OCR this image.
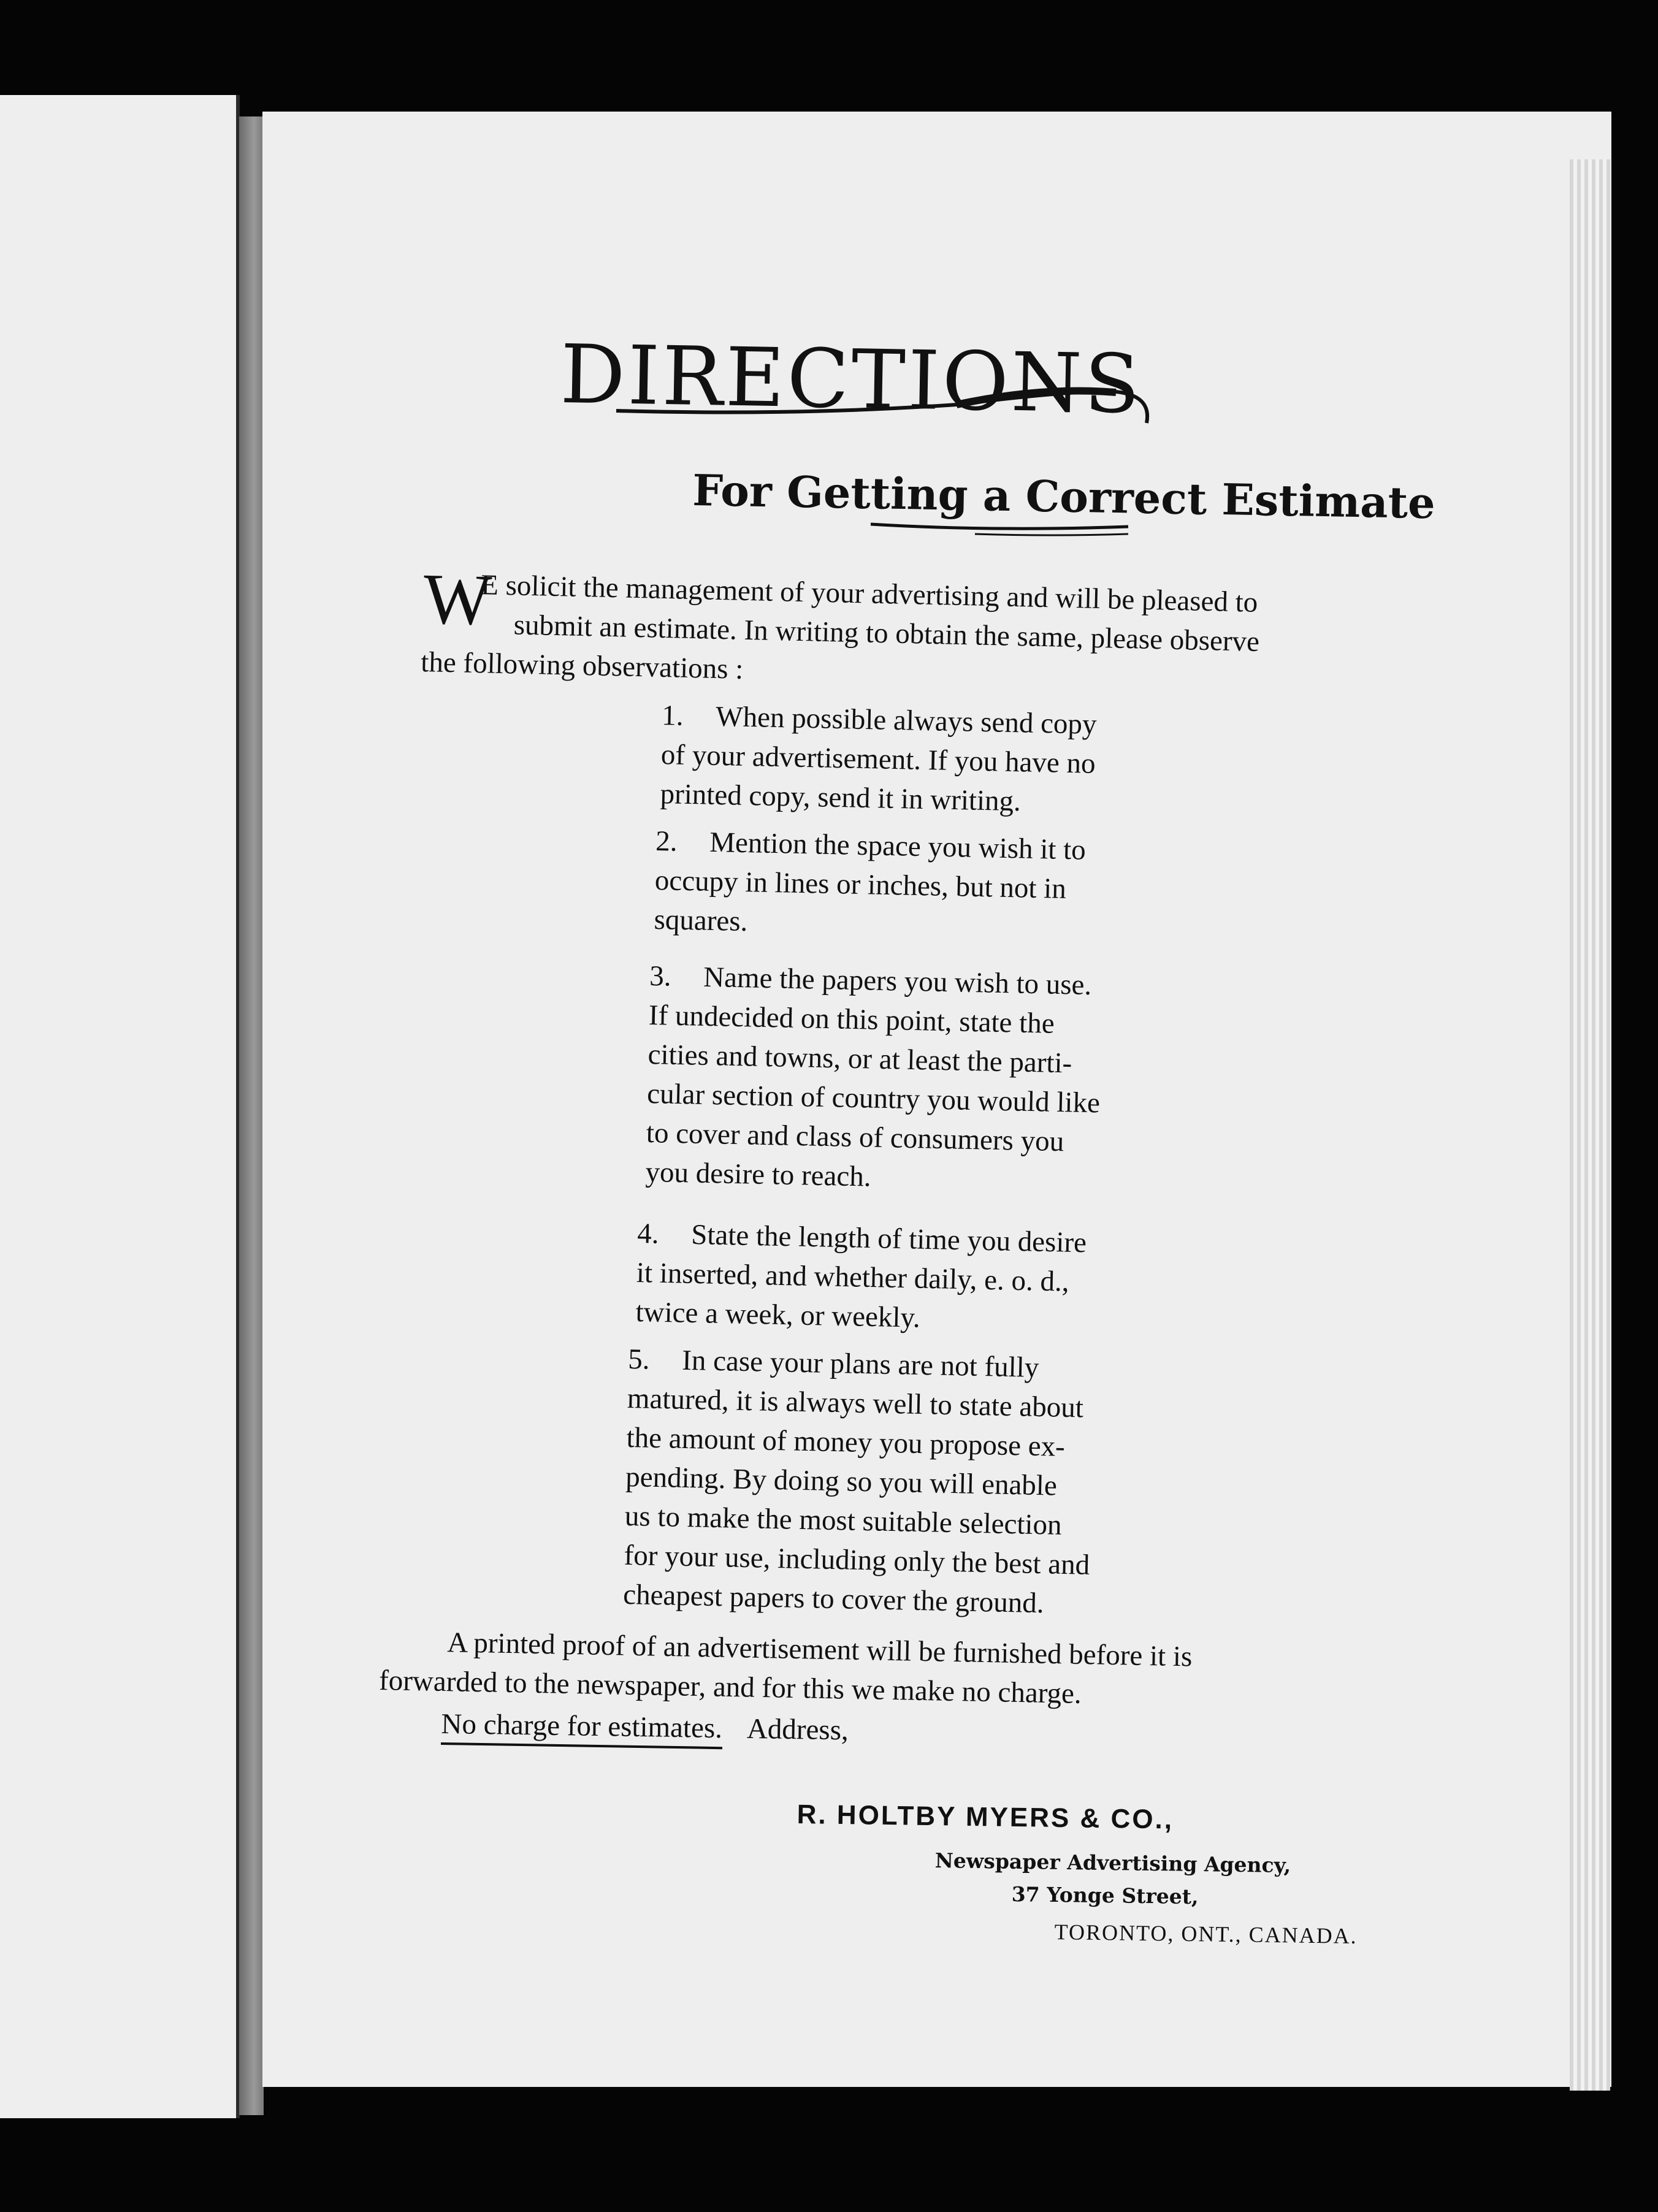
DIRECTIONS
For Getting a Correct Estimate
W
E solicit the management of your advertising and will be pleased to
submit an estimate. In writing to obtain the same, please observe
the following observations :
1. When possible always send copy
of your advertisement. If you have no
printed copy, send it in writing.
2. Mention the space you wish it to
occupy in lines or inches, but not in
squares.
3. Name the papers you wish to use.
If undecided on this point, state the
cities and towns, or at least the parti-
cular section of country you would like
to cover and class of consumers you
you desire to reach.
4. State the length of time you desire
it inserted, and whether daily, e. o. d.,
twice a week, or weekly.
5. In case your plans are not fully
matured, it is always well to state about
the amount of money you propose ex-
pending. By doing so you will enable
us to make the most suitable selection
for your use, including only the best and
cheapest papers to cover the ground.
A printed proof of an advertisement will be furnished before it is
forwarded to the newspaper, and for this we make no charge.
No charge for estimates. Address,
R. HOLTBY MYERS & CO.,
Newspaper Advertising Agency,
37 Yonge Street,
TORONTO, ONT., CANADA.
